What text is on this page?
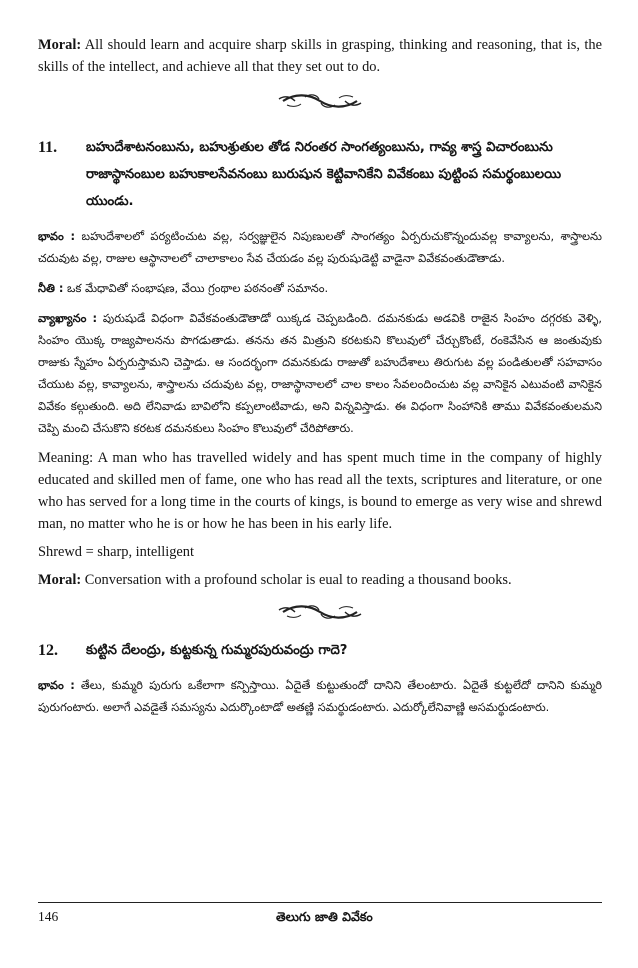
Moral: All should learn and acquire sharp skills in grasping, thinking and reasoning, that is, the skills of the intellect, and achieve all that they set out to do.

11.	బహుదేశాటనంబును, బహుశ్రుతుల తోడ నిరంతర సాంగత్యంబును, గావ్య శాస్త్ర విచారంబును రాజాస్థానంబుల బహుకాలసేవనంబు బురుషున కెట్టివానికేని వివేకంబు పుట్టింప సమర్థంబులయి యుండు.

భావం : బహుదేశాలలో పర్యటించుట వల్ల, సర్వజ్ఞులైన నిపుణులతో సాంగత్యం ఏర్పరుచుకొన్నందువల్ల కావ్యాలను, శాస్త్రాలను చదువుట వల్ల, రాజుల ఆస్థానాలలో చాలాకాలం సేవ చేయడం వల్ల పురుషుడెట్టి వాడైనా వివేకవంతుడౌతాడు.

నీతి : ఒక మేధావితో సంభాషణ, వేయి గ్రంథాల పఠనంతో సమానం.

వ్యాఖ్యానం : పురుషుడే విధంగా వివేకవంతుడౌతాడో యిక్కడ చెప్పబడింది. దమనకుడు అడవికి రాజైన సింహం దగ్గరకు వెళ్ళి, సింహం యొక్క రాజ్యపాలనను పొగడుతాడు. తనను తన మిత్రుని కరటకుని కొలువులో చేర్చుకొంటే, రంకెవేసిన ఆ జంతువుకు రాజుకు స్నేహం ఏర్పరుస్తామని చెప్తాడు. ఆ సందర్భంగా దమనకుడు రాజుతో బహుదేశాలు తిరుగుట వల్ల పండితులతో సహవాసం చేయుట వల్ల, కావ్యాలను, శాస్త్రాలను చదువుట వల్ల, రాజాస్థానాలలో చాల కాలం సేవలందించుట వల్ల వానికైన ఎటువంటి వానికైన వివేకం కల్గుతుంది. అది లేనివాడు బావిలోని కప్పలాంటివాడు, అని విన్నవిస్తాడు. ఈ విధంగా సింహానికి తాము వివేకవంతులమని చెప్పి మంచి చేసుకొని కరటక దమనకులు సింహం కొలువులో చేరిపోతారు.

Meaning: A man who has travelled widely and has spent much time in the company of highly educated and skilled men of fame, one who has read all the texts, scriptures and literature, or one who has served for a long time in the courts of kings, is bound to emerge as very wise and shrewd man, no matter who he is or how he has been in his early life.

Shrewd = sharp, intelligent

Moral: Conversation with a profound scholar is eual to reading a thousand books.

12.	కుట్టిన దేలంద్రు, కుట్టకున్న గుమ్మరపురువంద్రు గాదె?

భావం : తేలు, కుమ్మరి పురుగు ఒకేలాగా కన్పిస్తాయి. ఏదైతే కుట్టుతుందో దానిని తేలంటారు. ఏదైతే కుట్టలేదో దానిని కుమ్మరి పురుగంటారు. అలాగే ఎవడైతే సమస్యను ఎదుర్కొంటాడో అతణ్ణి సమర్థుడంటారు. ఎదుర్కోలేనివాణ్ణి అసమర్థుడంటారు.

146	తెలుగు జాతి వివేకం
